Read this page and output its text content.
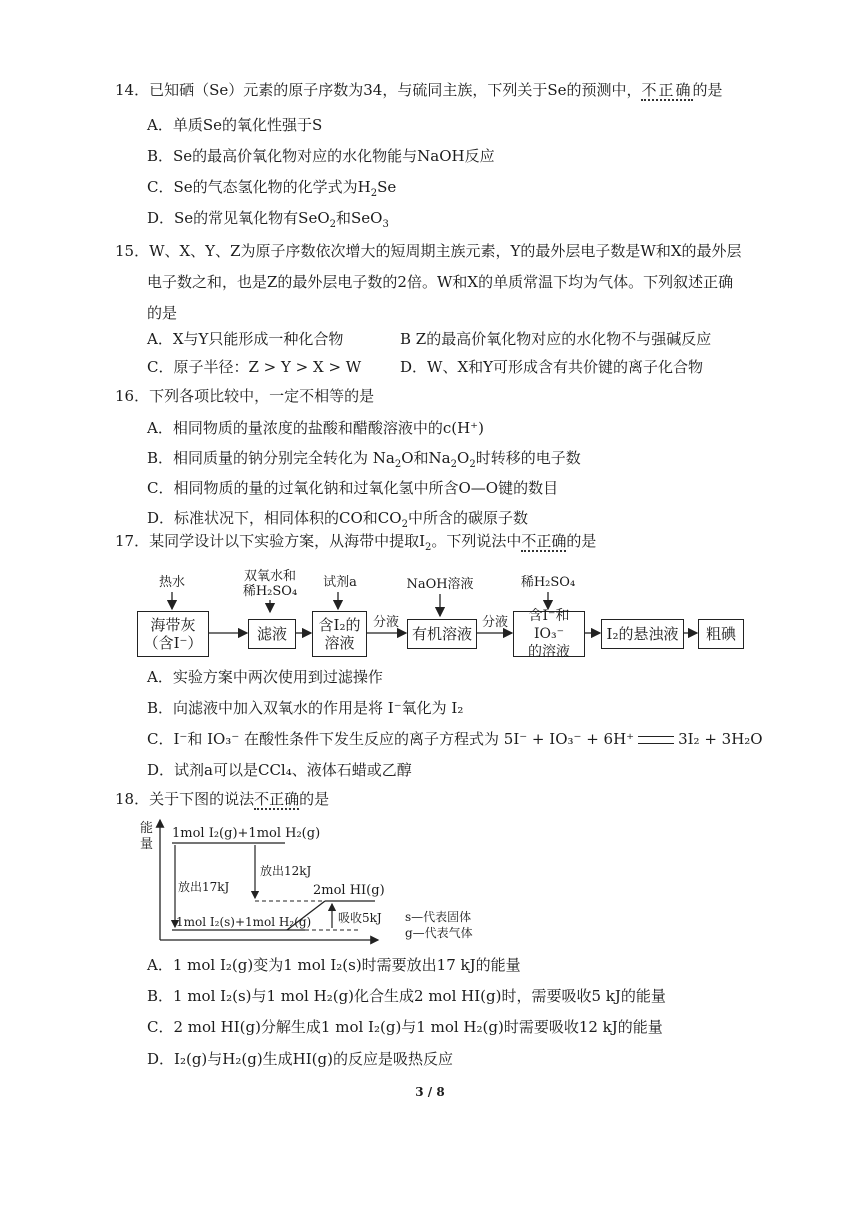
14．已知硒（Se）元素的原子序数为34，与硫同主族，下列关于Se的预测中，不正确的是
A．单质Se的氧化性强于S
B．Se的最高价氧化物对应的水化物能与NaOH反应
C．Se的气态氢化物的化学式为$H_2Se$
D．Se的常见氧化物有SeO$_2$和SeO$_3$
15．W、X、Y、Z为原子序数依次增大的短周期主族元素，Y的最外层电子数是W和X的最外层
电子数之和，也是Z的最外层电子数的2倍。W和X的单质常温下均为气体。下列叙述正确
的是
A．X与Y只能形成一种化合物	B Z的最高价氧化物对应的水化物不与强碱反应
C．原子半径：Z > Y > X > W	D．W、X和Y可形成含有共价键的离子化合物
16．下列各项比较中，一定不相等的是
A．相同物质的量浓度的盐酸和醋酸溶液中的c(H⁺)
B．相同质量的钠分别完全转化为 $Na_2O$和$Na_2O_2$时转移的电子数
C．相同物质的量的过氧化钠和过氧化氢中所含O—O键的数目
D．标准状况下，相同体积的CO和$CO_2$中所含的碳原子数
17．某同学设计以下实验方案，从海带中提取$I_2$。下列说法中不正确的是
热水	双氧水和
稀H₂SO₄
试剂a	NaOH溶液	稀H₂SO₄
海带灰
（含I⁻）	滤液	含I₂的
溶液
分液
有机溶液
分液	含I⁻和IO₃⁻
的溶液
I₂的悬浊液	粗碘
A．实验方案中两次使用到过滤操作
B．向滤液中加入双氧水的作用是将 I⁻氧化为 I₂
C．I⁻和 IO₃⁻ 在酸性条件下发生反应的离子方程式为 5I⁻ + IO₃⁻ + 6H⁺	3I₂ + 3H₂O
D．试剂a可以是CCl₄、液体石蜡或乙醇
18．关于下图的说法不正确的是
能
量
1mol I₂(g)+1mol H₂(g)
放出12kJ
2mol HI(g)
放出17kJ
吸收5kJ
1mol I₂(s)+1mol H₂(g)	s—代表固体
g—代表气体
A．1 mol I₂(g)变为1 mol I₂(s)时需要放出17 kJ的能量
B．1 mol I₂(s)与1 mol H₂(g)化合生成2 mol HI(g)时，需要吸收5 kJ的能量
C．2 mol HI(g)分解生成1 mol I₂(g)与1 mol H₂(g)时需要吸收12 kJ的能量
D．I₂(g)与H₂(g)生成HI(g)的反应是吸热反应
3 / 8
